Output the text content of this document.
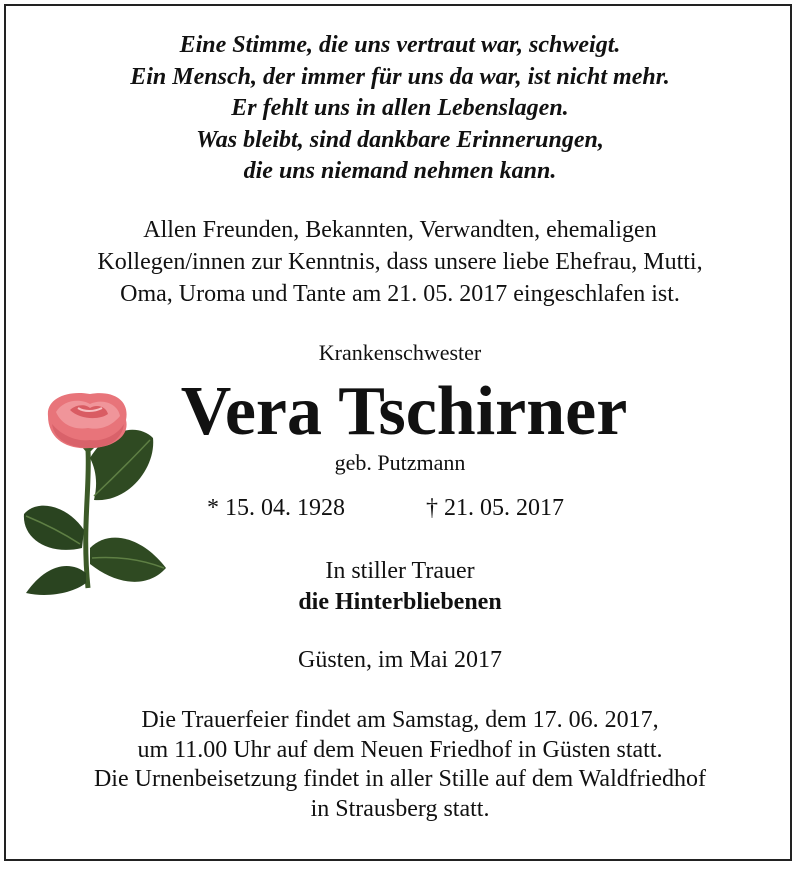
Eine Stimme, die uns vertraut war, schweigt.
Ein Mensch, der immer für uns da war, ist nicht mehr.
Er fehlt uns in allen Lebenslagen.
Was bleibt, sind dankbare Erinnerungen,
die uns niemand nehmen kann.
Allen Freunden, Bekannten, Verwandten, ehemaligen
Kollegen/innen zur Kenntnis, dass unsere liebe Ehefrau, Mutti,
Oma, Uroma und Tante am 21. 05. 2017 eingeschlafen ist.
Krankenschwester
Vera Tschirner
geb. Putzmann
* 15. 04. 1928	† 21. 05. 2017
In stiller Trauer
die Hinterbliebenen
Güsten, im Mai 2017
Die Trauerfeier findet am Samstag, dem 17. 06. 2017,
um 11.00 Uhr auf dem Neuen Friedhof in Güsten statt.
Die Urnenbeisetzung findet in aller Stille auf dem Waldfriedhof
in Strausberg statt.
